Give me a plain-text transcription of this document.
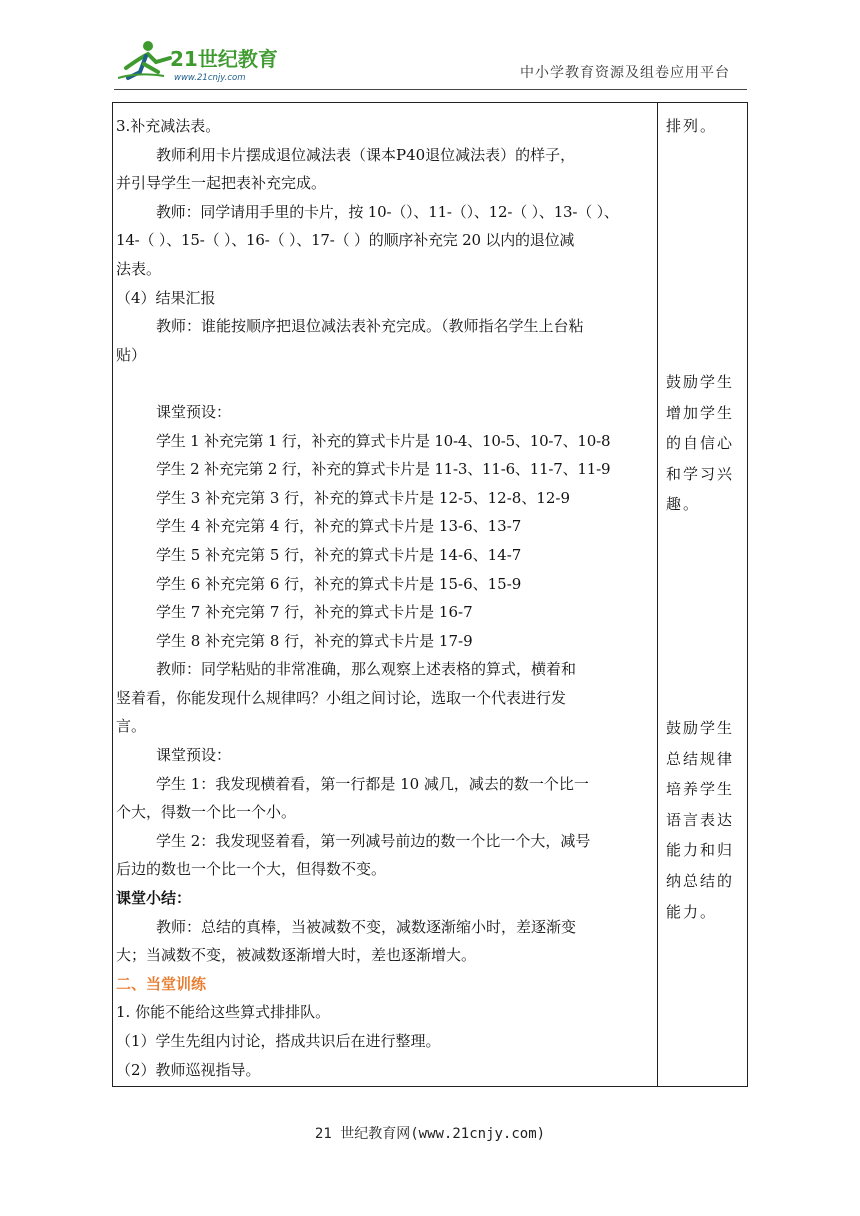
21世纪教育
www.21cnjy.com	中小学教育资源及组卷应用平台
3.补充减法表。
教师利用卡片摆成退位减法表（课本P40退位减法表）的样子，
并引导学生一起把表补充完成。
教师：同学请用手里的卡片，按 10-（）、11-（）、12-（ ）、13-（ ）、
14-（ ）、15-（ ）、16-（ ）、17-（ ）的顺序补充完 20 以内的退位减
法表。
（4）结果汇报
教师：谁能按顺序把退位减法表补充完成。（教师指名学生上台粘
贴）
课堂预设：
学生 1 补充完第 1 行，补充的算式卡片是 10-4、10-5、10-7、10-8
学生 2 补充完第 2 行，补充的算式卡片是 11-3、11-6、11-7、11-9
学生 3 补充完第 3 行，补充的算式卡片是 12-5、12-8、12-9
学生 4 补充完第 4 行，补充的算式卡片是 13-6、13-7
学生 5 补充完第 5 行，补充的算式卡片是 14-6、14-7
学生 6 补充完第 6 行，补充的算式卡片是 15-6、15-9
学生 7 补充完第 7 行，补充的算式卡片是 16-7
学生 8 补充完第 8 行，补充的算式卡片是 17-9
教师：同学粘贴的非常准确，那么观察上述表格的算式，横着和
竖着看，你能发现什么规律吗？小组之间讨论，选取一个代表进行发
言。
课堂预设：
学生 1：我发现横着看，第一行都是 10 减几，减去的数一个比一
个大，得数一个比一个小。
学生 2：我发现竖着看，第一列减号前边的数一个比一个大，减号
后边的数也一个比一个大，但得数不变。
课堂小结：
教师：总结的真棒，当被减数不变，减数逐渐缩小时，差逐渐变
大；当减数不变，被减数逐渐增大时，差也逐渐增大。
二、当堂训练
1. 你能不能给这些算式排排队。
（1）学生先组内讨论，搭成共识后在进行整理。
（2）教师巡视指导。
排列。
鼓励学生
增加学生
的自信心
和学习兴
趣。
鼓励学生
总结规律
培养学生
语言表达
能力和归
纳总结的
能力。
21 世纪教育网(www.21cnjy.com)
